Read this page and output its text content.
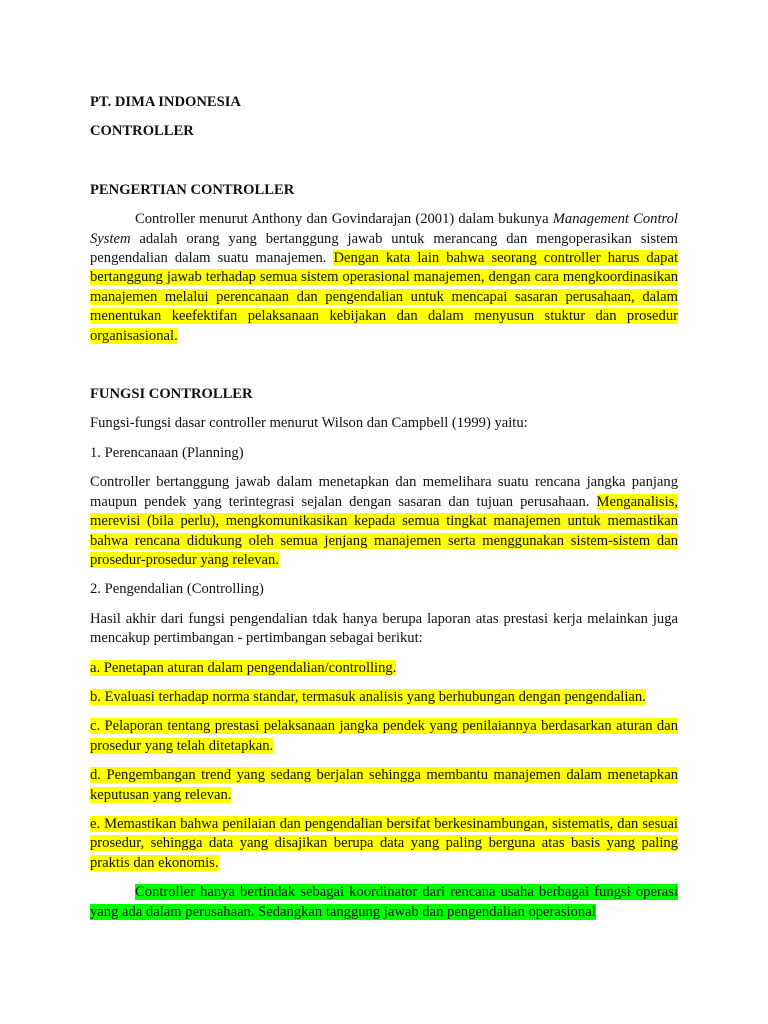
PT. DIMA INDONESIA

CONTROLLER

PENGERTIAN CONTROLLER

Controller menurut Anthony dan Govindarajan (2001) dalam bukunya Management Control System adalah orang yang bertanggung jawab untuk merancang dan mengoperasikan sistem pengendalian dalam suatu manajemen. Dengan kata lain bahwa seorang controller harus dapat bertanggung jawab terhadap semua sistem operasional manajemen, dengan cara mengkoordinasikan manajemen melalui perencanaan dan pengendalian untuk mencapai sasaran perusahaan, dalam menentukan keefektifan pelaksanaan kebijakan dan dalam menyusun stuktur dan prosedur organisasional.

FUNGSI CONTROLLER

Fungsi-fungsi dasar controller menurut Wilson dan Campbell (1999) yaitu:

1. Perencanaan (Planning)

Controller bertanggung jawab dalam menetapkan dan memelihara suatu rencana jangka panjang maupun pendek yang terintegrasi sejalan dengan sasaran dan tujuan perusahaan. Menganalisis, merevisi (bila perlu), mengkomunikasikan kepada semua tingkat manajemen untuk memastikan bahwa rencana didukung oleh semua jenjang manajemen serta menggunakan sistem-sistem dan prosedur-prosedur yang relevan.

2. Pengendalian (Controlling)

Hasil akhir dari fungsi pengendalian tdak hanya berupa laporan atas prestasi kerja melainkan juga mencakup pertimbangan - pertimbangan sebagai berikut:

a. Penetapan aturan dalam pengendalian/controlling.

b. Evaluasi terhadap norma standar, termasuk analisis yang berhubungan dengan pengendalian.

c. Pelaporan tentang prestasi pelaksanaan jangka pendek yang penilaiannya berdasarkan aturan dan prosedur yang telah ditetapkan.

d. Pengembangan trend yang sedang berjalan sehingga membantu manajemen dalam menetapkan keputusan yang relevan.

e. Memastikan bahwa penilaian dan pengendalian bersifat berkesinambungan, sistematis, dan sesuai prosedur, sehingga data yang disajikan berupa data yang paling berguna atas basis yang paling praktis dan ekonomis.

Controller hanya bertindak sebagai koordinator dari rencana usaha berbagai fungsi operasi yang ada dalam perusahaan. Sedangkan tanggung jawab dan pengendalian operasional
